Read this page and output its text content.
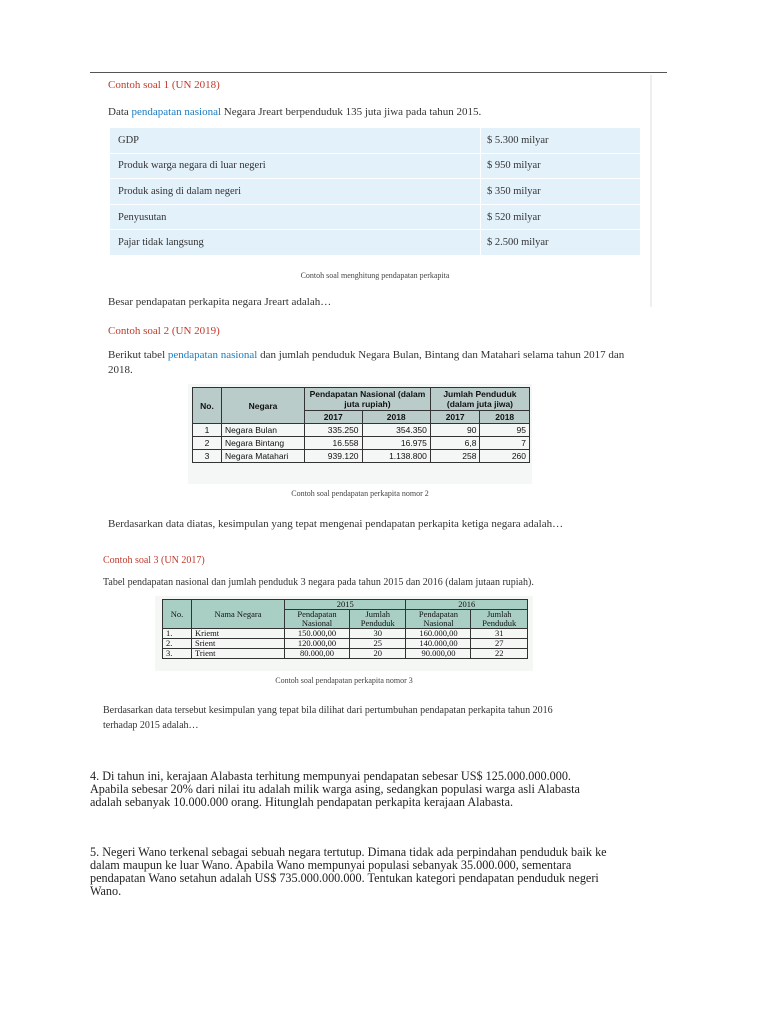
Contoh soal 1 (UN 2018)
Data pendapatan nasional Negara Jreart berpenduduk 135 juta jiwa pada tahun 2015.
GDP	$ 5.300 milyar
Produk warga negara di luar negeri	$ 950 milyar
Produk asing di dalam negeri	$ 350 milyar
Penyusutan	$ 520 milyar
Pajar tidak langsung	$ 2.500 milyar
Contoh soal menghitung pendapatan perkapita
Besar pendapatan perkapita negara Jreart adalah…
Contoh soal 2 (UN 2019)
Berikut tabel pendapatan nasional dan jumlah penduduk Negara Bulan, Bintang dan Matahari selama tahun 2017 dan
2018.
No.	Negara	Pendapatan Nasional (dalam juta rupiah)		Jumlah Penduduk (dalam juta jiwa)	
		2017	2018	2017	2018
1	Negara Bulan	335.250	354.350	90	95
2	Negara Bintang	16.558	16.975	6,8	7
3	Negara Matahari	939.120	1.138.800	258	260
Contoh soal pendapatan perkapita nomor 2
Berdasarkan data diatas, kesimpulan yang tepat mengenai pendapatan perkapita ketiga negara adalah…
Contoh soal 3 (UN 2017)
Tabel pendapatan nasional dan jumlah penduduk 3 negara pada tahun 2015 dan 2016 (dalam jutaan rupiah).
No.	Nama Negara	2015		2016	
		Pendapatan Nasional	Jumlah Penduduk	Pendapatan Nasional	Jumlah Penduduk
1.	Kriemt	150.000,00	30	160.000,00	31
2.	Srient	120.000,00	25	140.000,00	27
3.	Trient	80.000,00	20	90.000,00	22
Contoh soal pendapatan perkapita nomor 3
Berdasarkan data tersebut kesimpulan yang tepat bila dilihat dari pertumbuhan pendapatan perkapita tahun 2016
terhadap 2015 adalah…
4. Di tahun ini, kerajaan Alabasta terhitung mempunyai pendapatan sebesar US$ 125.000.000.000.
Apabila sebesar 20% dari nilai itu adalah milik warga asing, sedangkan populasi warga asli Alabasta
adalah sebanyak 10.000.000 orang. Hitunglah pendapatan perkapita kerajaan Alabasta.
5. Negeri Wano terkenal sebagai sebuah negara tertutup. Dimana tidak ada perpindahan penduduk baik ke
dalam maupun ke luar Wano. Apabila Wano mempunyai populasi sebanyak 35.000.000, sementara
pendapatan Wano setahun adalah US$ 735.000.000.000. Tentukan kategori pendapatan penduduk negeri
Wano.
